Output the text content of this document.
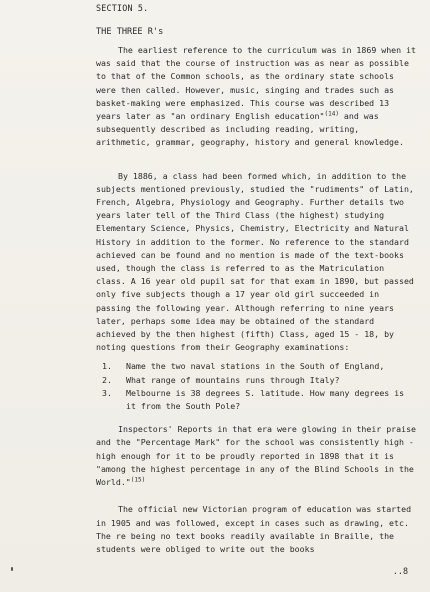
SECTION 5.
THE THREE R's

The earliest reference to the curriculum was in 1869 when it was said that the course of instruction was as near as possible to that of the Common schools, as the ordinary state schools were then called. However, music, singing and trades such as basket-making were emphasized. This course was described 13 years later as "an ordinary English education"$^{(14)}$ and was subsequently described as including reading, writing, arithmetic, grammar, geography, history and general knowledge.

By 1886, a class had been formed which, in addition to the subjects mentioned previously, studied the "rudiments" of Latin, French, Algebra, Physiology and Geography. Further details two years later tell of the Third Class (the highest) studying Elementary Science, Physics, Chemistry, Electricity and Natural History in addition to the former. No reference to the standard achieved can be found and no mention is made of the text-books used, though the class is referred to as the Matriculation class. A 16 year old pupil sat for that exam in 1890, but passed only five subjects though a 17 year old girl succeeded in passing the following year. Although referring to nine years later, perhaps some idea may be obtained of the standard achieved by the then highest (fifth) Class, aged 15 - 18, by noting questions from their Geography examinations:

1.	Name the two naval stations in the South of England,
2.	What range of mountains runs through Italy?
3.	Melbourne is 38 degrees S. latitude. How many degrees is it from the South Pole?

Inspectors' Reports in that era were glowing in their praise and the "Percentage Mark" for the school was consistently high - high enough for it to be proudly reported in 1898 that it is "among the highest percentage in any of the Blind Schools in the World."$^{(15)}$

The official new Victorian program of education was started in 1905 and was followed, except in cases such as drawing, etc. The re being no text books readily available in Braille, the students were obliged to write out the books

..8
